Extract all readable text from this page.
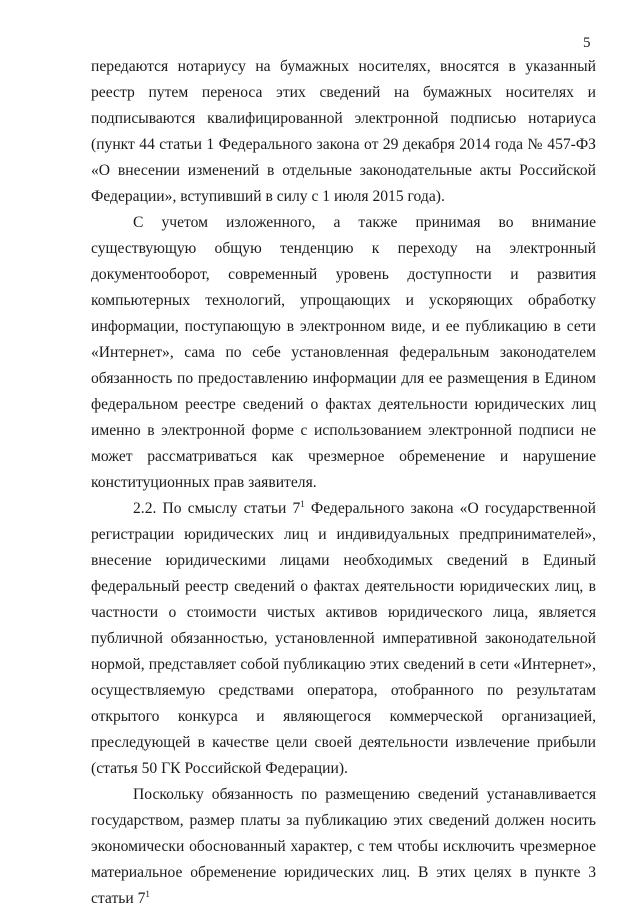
5

передаются нотариусу на бумажных носителях, вносятся в указанный реестр путем переноса этих сведений на бумажных носителях и подписываются квалифицированной электронной подписью нотариуса (пункт 44 статьи 1 Федерального закона от 29 декабря 2014 года № 457-ФЗ «О внесении изменений в отдельные законодательные акты Российской Федерации», вступивший в силу с 1 июля 2015 года).

С учетом изложенного, а также принимая во внимание существующую общую тенденцию к переходу на электронный документооборот, современный уровень доступности и развития компьютерных технологий, упрощающих и ускоряющих обработку информации, поступающую в электронном виде, и ее публикацию в сети «Интернет», сама по себе установленная федеральным законодателем обязанность по предоставлению информации для ее размещения в Едином федеральном реестре сведений о фактах деятельности юридических лиц именно в электронной форме с использованием электронной подписи не может рассматриваться как чрезмерное обременение и нарушение конституционных прав заявителя.

2.2. По смыслу статьи $7^1$ Федерального закона «О государственной регистрации юридических лиц и индивидуальных предпринимателей», внесение юридическими лицами необходимых сведений в Единый федеральный реестр сведений о фактах деятельности юридических лиц, в частности о стоимости чистых активов юридического лица, является публичной обязанностью, установленной императивной законодательной нормой, представляет собой публикацию этих сведений в сети «Интернет», осуществляемую средствами оператора, отобранного по результатам открытого конкурса и являющегося коммерческой организацией, преследующей в качестве цели своей деятельности извлечение прибыли (статья 50 ГК Российской Федерации).

Поскольку обязанность по размещению сведений устанавливается государством, размер платы за публикацию этих сведений должен носить экономически обоснованный характер, с тем чтобы исключить чрезмерное материальное обременение юридических лиц. В этих целях в пункте 3 статьи $7^1$
